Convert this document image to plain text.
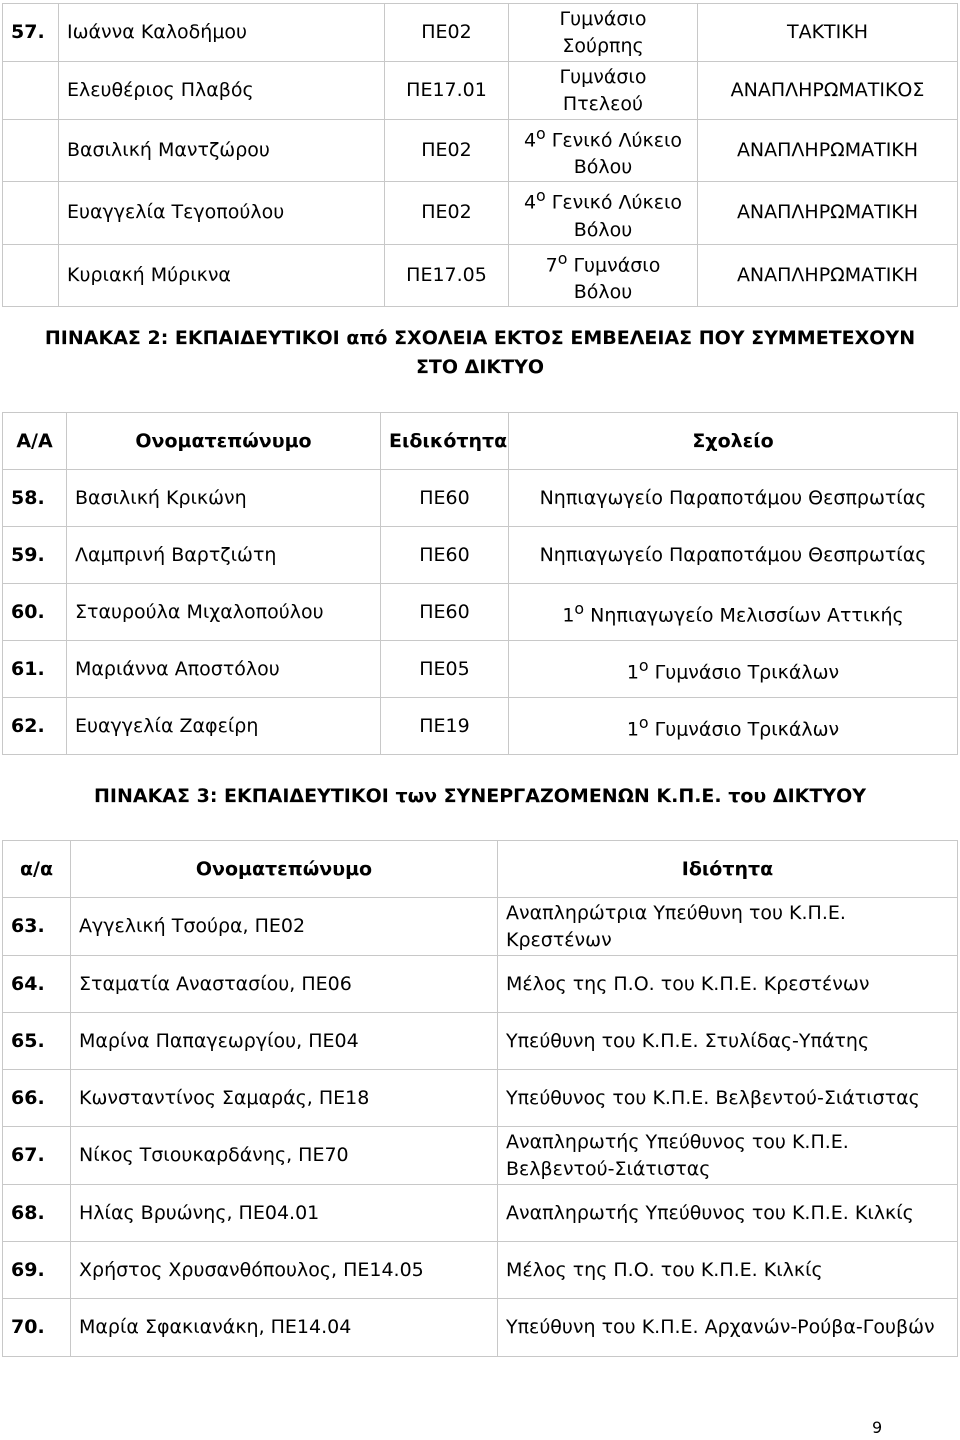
57.	Ιωάννα Καλοδήμου	ΠΕ02	Γυμνάσιο Σούρπης	ΤΑΚΤΙΚΗ
	Ελευθέριος Πλαβός	ΠΕ17.01	Γυμνάσιο Πτελεού	ΑΝΑΠΛΗΡΩΜΑΤΙΚΟΣ
	Βασιλική Μαντζώρου	ΠΕ02	$4^o$ Γενικό Λύκειο Βόλου	ΑΝΑΠΛΗΡΩΜΑΤΙΚΗ
	Ευαγγελία Τεγοπούλου	ΠΕ02	$4^o$ Γενικό Λύκειο Βόλου	ΑΝΑΠΛΗΡΩΜΑΤΙΚΗ
	Κυριακή Μύρικνα	ΠΕ17.05	$7^o$ Γυμνάσιο Βόλου	ΑΝΑΠΛΗΡΩΜΑΤΙΚΗ
ΠΙΝΑΚΑΣ 2: ΕΚΠΑΙΔΕΥΤΙΚΟΙ από ΣΧΟΛΕΙΑ ΕΚΤΟΣ ΕΜΒΕΛΕΙΑΣ ΠΟΥ ΣΥΜΜΕΤΕΧΟΥΝ
ΣΤΟ ΔΙΚΤΥΟ
Α/Α	Ονοματεπώνυμο	Ειδικότητα	Σχολείο
58.	Βασιλική Κρικώνη	ΠΕ60	Νηπιαγωγείο Παραποτάμου Θεσπρωτίας
59.	Λαμπρινή Βαρτζιώτη	ΠΕ60	Νηπιαγωγείο Παραποτάμου Θεσπρωτίας
60.	Σταυρούλα Μιχαλοπούλου	ΠΕ60	$1^o$ Νηπιαγωγείο Μελισσίων Αττικής
61.	Μαριάννα Αποστόλου	ΠΕ05	$1^o$ Γυμνάσιο Τρικάλων
62.	Ευαγγελία Ζαφείρη	ΠΕ19	$1^o$ Γυμνάσιο Τρικάλων
ΠΙΝΑΚΑΣ 3: ΕΚΠΑΙΔΕΥΤΙΚΟΙ των ΣΥΝΕΡΓΑΖΟΜΕΝΩΝ Κ.Π.Ε. του ΔΙΚΤΥΟΥ
α/α	Ονοματεπώνυμο	Ιδιότητα
63.	Αγγελική Τσούρα, ΠΕ02	Αναπληρώτρια Υπεύθυνη του Κ.Π.Ε. Κρεστένων
64.	Σταματία Αναστασίου, ΠΕ06	Μέλος της Π.Ο. του Κ.Π.Ε. Κρεστένων
65.	Μαρίνα Παπαγεωργίου, ΠΕ04	Υπεύθυνη του Κ.Π.Ε. Στυλίδας-Υπάτης
66.	Κωνσταντίνος Σαμαράς, ΠΕ18	Υπεύθυνος του Κ.Π.Ε. Βελβεντού-Σιάτιστας
67.	Νίκος Τσιουκαρδάνης, ΠΕ70	Αναπληρωτής Υπεύθυνος του Κ.Π.Ε. Βελβεντού-Σιάτιστας
68.	Ηλίας Βρυώνης, ΠΕ04.01	Αναπληρωτής Υπεύθυνος του Κ.Π.Ε. Κιλκίς
69.	Χρήστος Χρυσανθόπουλος, ΠΕ14.05	Μέλος της Π.Ο. του Κ.Π.Ε. Κιλκίς
70.	Μαρία Σφακιανάκη, ΠΕ14.04	Υπεύθυνη του Κ.Π.Ε. Αρχανών-Ρούβα-Γουβών
9
